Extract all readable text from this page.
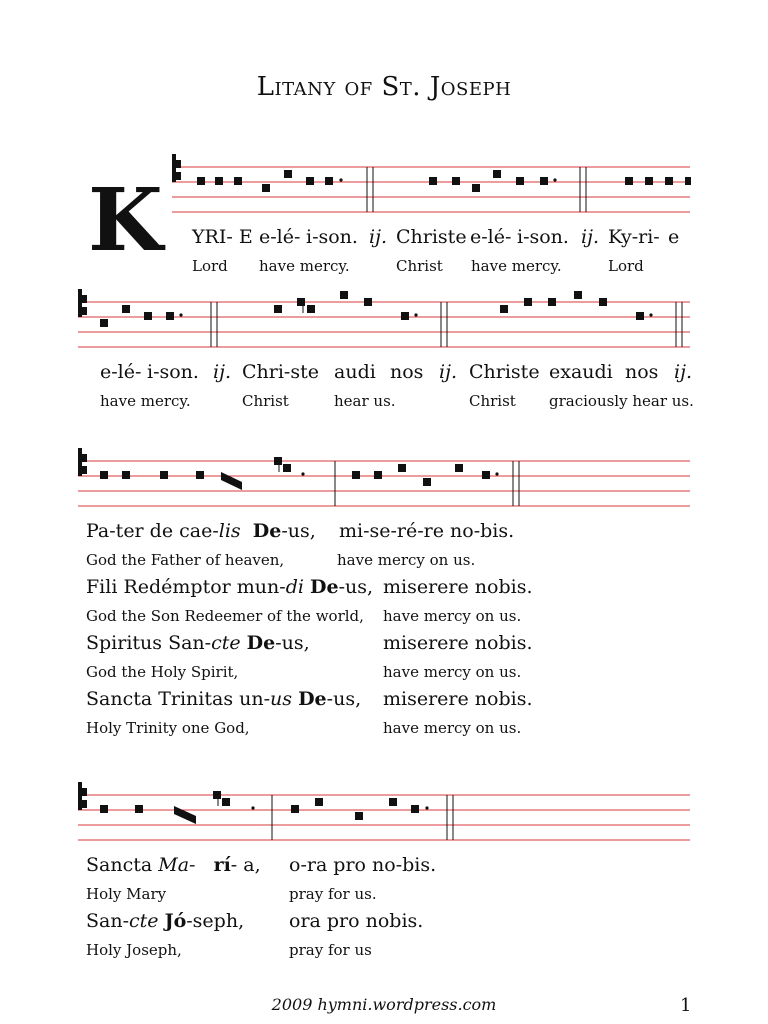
Litany of St. Joseph
K YRI- E e-lé- i-son. ij. Christe e-lé- i-son. ij. Ky-ri- e
Lord have mercy.	Christ have mercy.	Lord
e-lé- i-son. ij. Chri-ste audi nos ij. Christe exaudi nos ij.
have mercy.	Christ	hear us.	Christ graciously hear us.
Pa-ter de cae-lis De-us, mi-se-ré-re no-bis.
God the Father of heaven,	have mercy on us.
Fili Redémptor mun-di De-us, miserere nobis.
God the Son Redeemer of the world, have mercy on us.
Spiritus San-cte De-us,	miserere nobis.
God the Holy Spirit,	have mercy on us.
Sancta Trinitas un-us De-us, miserere nobis.
Holy Trinity one God,	have mercy on us.
Sancta Ma- rí- a, o-ra pro no-bis.
Holy Mary	pray for us.
San-cte Jó-seph, ora pro nobis.
Holy Joseph,	pray for us
2009 hymni.wordpress.com	1
